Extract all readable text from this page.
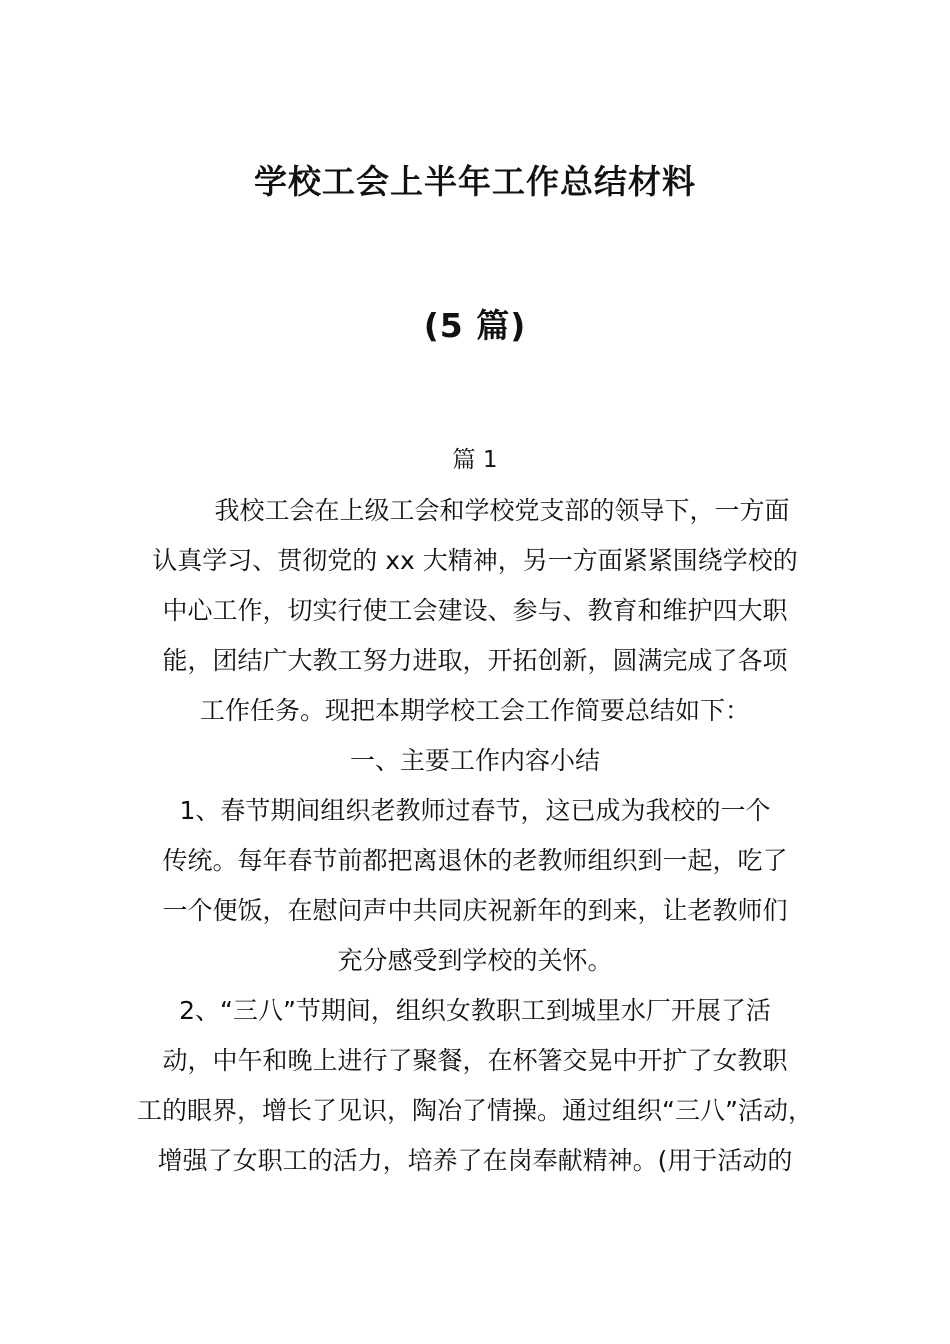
学校工会上半年工作总结材料
(5 篇)
篇 1
我校工会在上级工会和学校党支部的领导下，一方面
认真学习、贯彻党的 xx 大精神，另一方面紧紧围绕学校的
中心工作，切实行使工会建设、参与、教育和维护四大职
能，团结广大教工努力进取，开拓创新，圆满完成了各项
工作任务。现把本期学校工会工作简要总结如下：
一、主要工作内容小结
1、春节期间组织老教师过春节，这已成为我校的一个
传统。每年春节前都把离退休的老教师组织到一起，吃了
一个便饭，在慰问声中共同庆祝新年的到来，让老教师们
充分感受到学校的关怀。
2、“三八”节期间，组织女教职工到城里水厂开展了活
动，中午和晚上进行了聚餐，在杯箸交晃中开扩了女教职
工的眼界，增长了见识，陶冶了情操。通过组织“三八”活动，
增强了女职工的活力，培养了在岗奉献精神。(用于活动的
